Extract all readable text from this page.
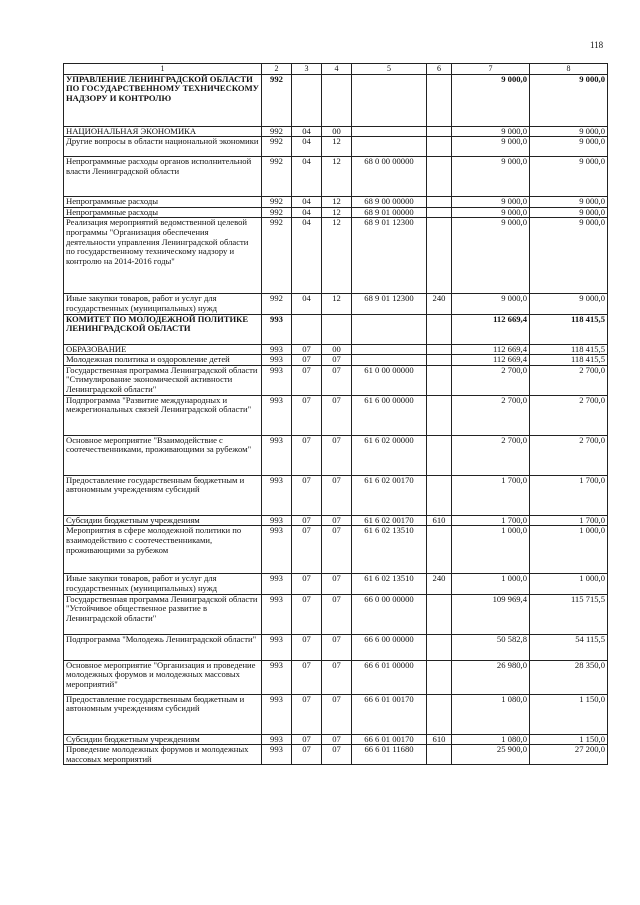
118
1	2	3	4	5	6	7	8
УПРАВЛЕНИЕ ЛЕНИНГРАДСКОЙ ОБЛАСТИ ПО ГОСУДАРСТВЕННОМУ ТЕХНИЧЕСКОМУ НАДЗОРУ И КОНТРОЛЮ	992					9 000,0	9 000,0
НАЦИОНАЛЬНАЯ ЭКОНОМИКА	992	04	00			9 000,0	9 000,0
Другие вопросы в области национальной экономики	992	04	12			9 000,0	9 000,0
Непрограммные расходы органов исполнительной власти Ленинградской области	992	04	12	68 0 00 00000		9 000,0	9 000,0
Непрограммные расходы	992	04	12	68 9 00 00000		9 000,0	9 000,0
Непрограммные расходы	992	04	12	68 9 01 00000		9 000,0	9 000,0
Реализация мероприятий ведомственной целевой программы "Организация обеспечения деятельности управления Ленинградской области по государственному техническому надзору и контролю на 2014-2016 годы"	992	04	12	68 9 01 12300		9 000,0	9 000,0
Иные закупки товаров, работ и услуг для государственных (муниципальных) нужд	992	04	12	68 9 01 12300	240	9 000,0	9 000,0
КОМИТЕТ ПО МОЛОДЕЖНОЙ ПОЛИТИКЕ ЛЕНИНГРАДСКОЙ ОБЛАСТИ	993					112 669,4	118 415,5
ОБРАЗОВАНИЕ	993	07	00			112 669,4	118 415,5
Молодежная политика и оздоровление детей	993	07	07			112 669,4	118 415,5
Государственная программа Ленинградской области "Стимулирование экономической активности Ленинградской области"	993	07	07	61 0 00 00000		2 700,0	2 700,0
Подпрограмма "Развитие международных и межрегиональных связей Ленинградской области"	993	07	07	61 6 00 00000		2 700,0	2 700,0
Основное мероприятие "Взаимодействие с соотечественниками, проживающими за рубежом"	993	07	07	61 6 02 00000		2 700,0	2 700,0
Предоставление государственным бюджетным и автономным учреждениям субсидий	993	07	07	61 6 02 00170		1 700,0	1 700,0
Субсидии бюджетным учреждениям	993	07	07	61 6 02 00170	610	1 700,0	1 700,0
Мероприятия в сфере молодежной политики по взаимодействию с соотечественниками, проживающими за рубежом	993	07	07	61 6 02 13510		1 000,0	1 000,0
Иные закупки товаров, работ и услуг для государственных (муниципальных) нужд	993	07	07	61 6 02 13510	240	1 000,0	1 000,0
Государственная программа Ленинградской области "Устойчивое общественное развитие в Ленинградской области"	993	07	07	66 0 00 00000		109 969,4	115 715,5
Подпрограмма "Молодежь Ленинградской области"	993	07	07	66 6 00 00000		50 582,8	54 115,5
Основное мероприятие "Организация и проведение молодежных форумов и молодежных массовых мероприятий"	993	07	07	66 6 01 00000		26 980,0	28 350,0
Предоставление государственным бюджетным и автономным учреждениям субсидий	993	07	07	66 6 01 00170		1 080,0	1 150,0
Субсидии бюджетным учреждениям	993	07	07	66 6 01 00170	610	1 080,0	1 150,0
Проведение молодежных форумов и молодежных массовых мероприятий	993	07	07	66 6 01 11680		25 900,0	27 200,0
